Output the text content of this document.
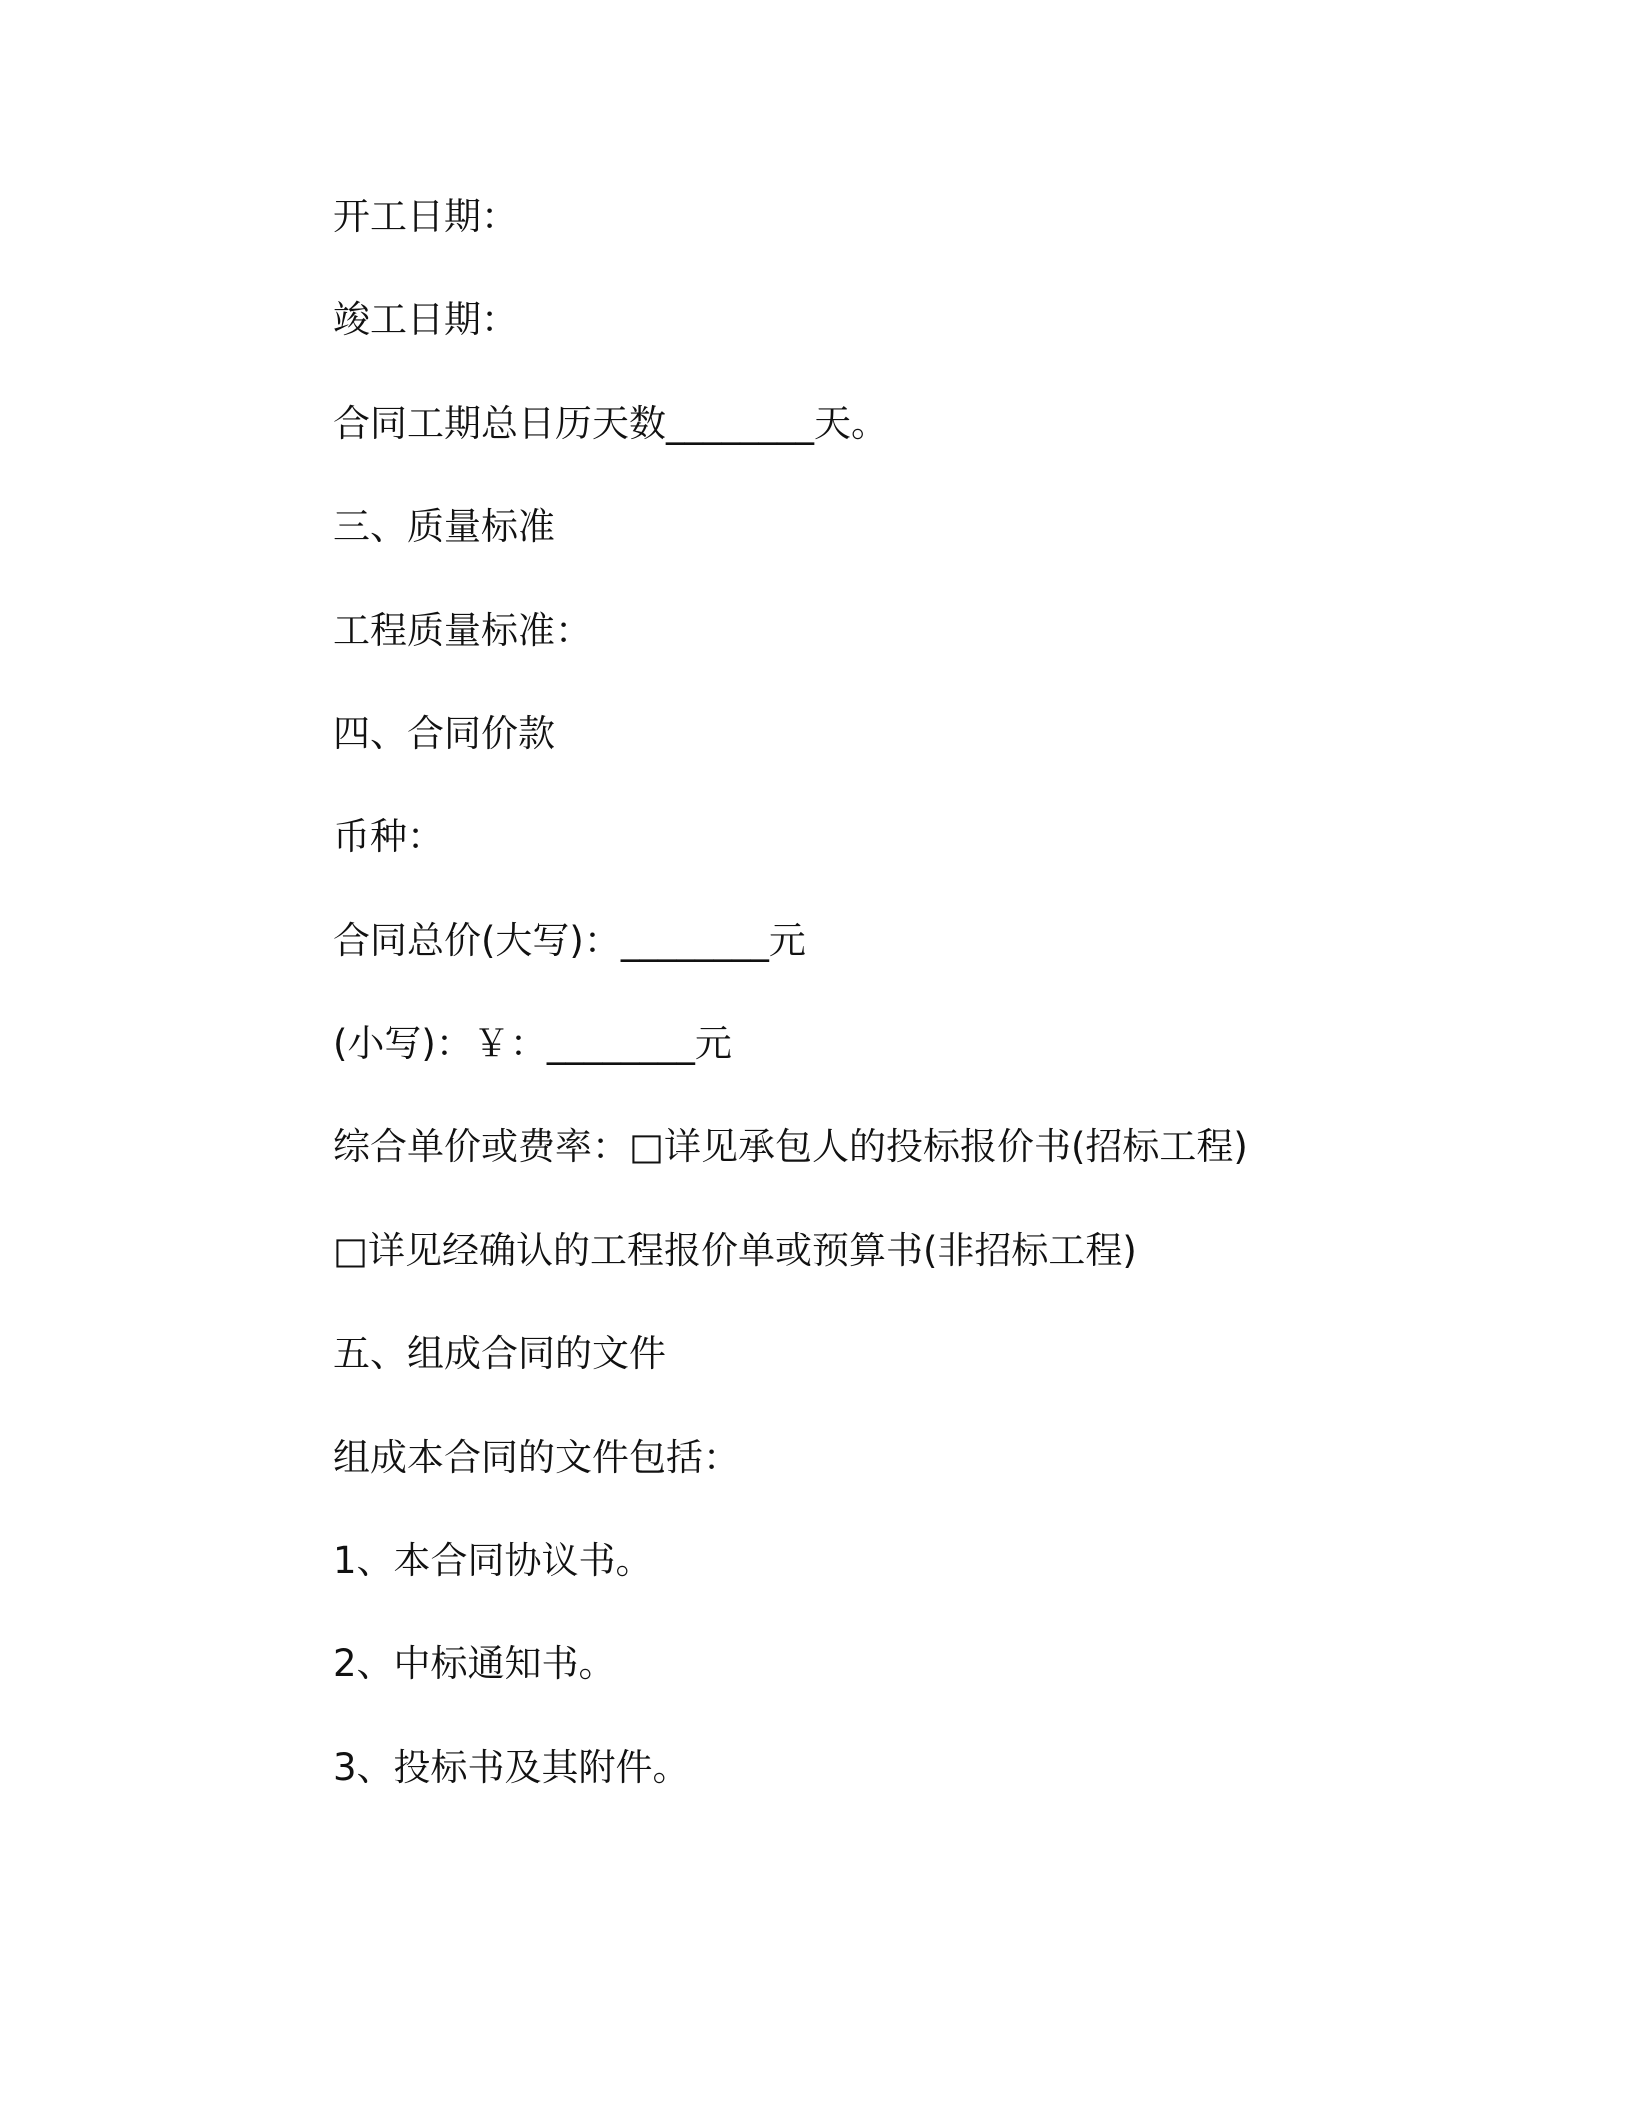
开工日期：
竣工日期：
合同工期总日历天数________天。
三、质量标准
工程质量标准：
四、合同价款
币种：
合同总价(大写)：________元
(小写)：￥：________元
综合单价或费率：□详见承包人的投标报价书(招标工程)
□详见经确认的工程报价单或预算书(非招标工程)
五、组成合同的文件
组成本合同的文件包括：
1、本合同协议书。
2、中标通知书。
3、投标书及其附件。
